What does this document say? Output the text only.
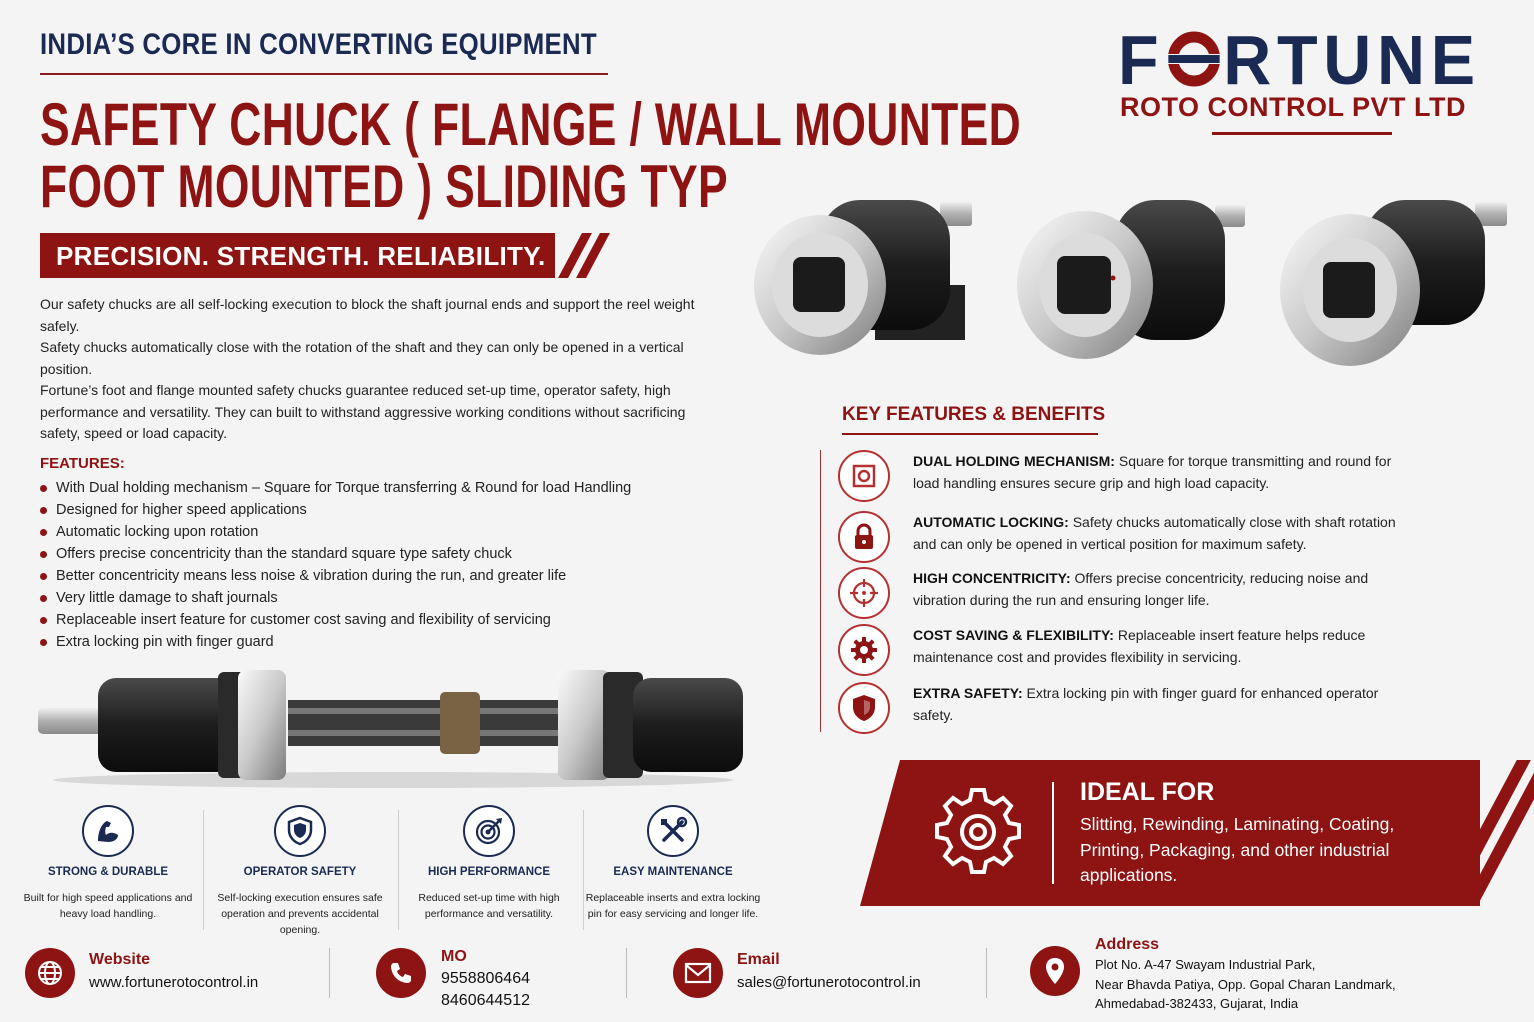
INDIA’S CORE IN CONVERTING EQUIPMENT
SAFETY CHUCK ( FLANGE / WALL MOUNTED
FOOT MOUNTED ) SLIDING TYP
PRECISION. STRENGTH. RELIABILITY.
F RTUNE
ROTO CONTROL PVT LTD

Our safety chucks are all self-locking execution to block the shaft journal ends and support the reel weight safely.

Safety chucks automatically close with the rotation of the shaft and they can only be opened in a vertical position.

Fortune’s foot and flange mounted safety chucks guarantee reduced set-up time, operator safety, high performance and versatility. They can built to withstand aggressive working conditions without sacrificing safety, speed or load capacity.

FEATURES:
With Dual holding mechanism – Square for Torque transferring & Round for load Handling
Designed for higher speed applications
Automatic locking upon rotation
Offers precise concentricity than the standard square type safety chuck
Better concentricity means less noise & vibration during the run, and greater life
Very little damage to shaft journals
Replaceable insert feature for customer cost saving and flexibility of servicing
Extra locking pin with finger guard
KEY FEATURES & BENEFITS
DUAL HOLDING MECHANISM: Square for torque transmitting and round for load handling ensures secure grip and high load capacity.
AUTOMATIC LOCKING: Safety chucks automatically close with shaft rotation and can only be opened in vertical position for maximum safety.
HIGH CONCENTRICITY: Offers precise concentricity, reducing noise and vibration during the run and ensuring longer life.
COST SAVING & FLEXIBILITY: Replaceable insert feature helps reduce maintenance cost and provides flexibility in servicing.
EXTRA SAFETY: Extra locking pin with finger guard for enhanced operator safety.
IDEAL FOR
Slitting, Rewinding, Laminating, Coating, Printing, Packaging, and other industrial applications.
STRONG & DURABLE
Built for high speed applications and heavy load handling.
OPERATOR SAFETY
Self-locking execution ensures safe operation and prevents accidental opening.
HIGH PERFORMANCE
Reduced set-up time with high performance and versatility.
EASY MAINTENANCE
Replaceable inserts and extra locking pin for easy servicing and longer life.
Website
www.fortunerotocontrol.in
MO
9558806464
8460644512
Email
sales@fortunerotocontrol.in
Address
Plot No. A-47 Swayam Industrial Park,
Near Bhavda Patiya, Opp. Gopal Charan Landmark,
Ahmedabad-382433, Gujarat, India
